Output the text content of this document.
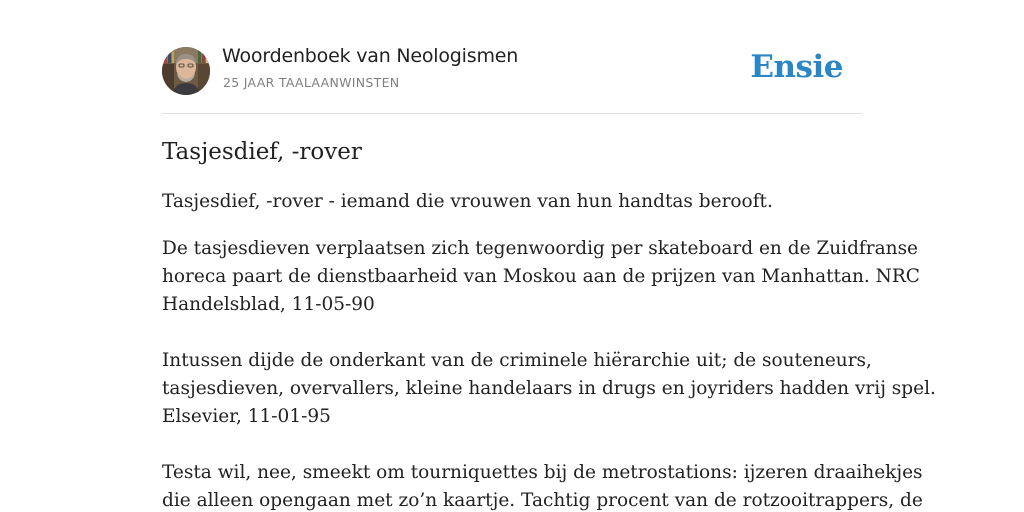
Woordenboek van Neologismen
25 JAAR TAALAANWINSTEN	Ensie
Tasjesdief, -rover

Tasjesdief, -rover - iemand die vrouwen van hun handtas berooft.

De tasjesdieven verplaatsen zich tegenwoordig per skateboard en de Zuidfranse
horeca paart de dienstbaarheid van Moskou aan de prijzen van Manhattan. NRC
Handelsblad, 11-05-90

Intussen dijde de onderkant van de criminele hiërarchie uit; de souteneurs,
tasjesdieven, overvallers, kleine handelaars in drugs en joyriders hadden vrij spel.
Elsevier, 11-01-95

Testa wil, nee, smeekt om tourniquettes bij de metrostations: ijzeren draaihekjes
die alleen opengaan met zo’n kaartje. Tachtig procent van de rotzooitrappers, de
